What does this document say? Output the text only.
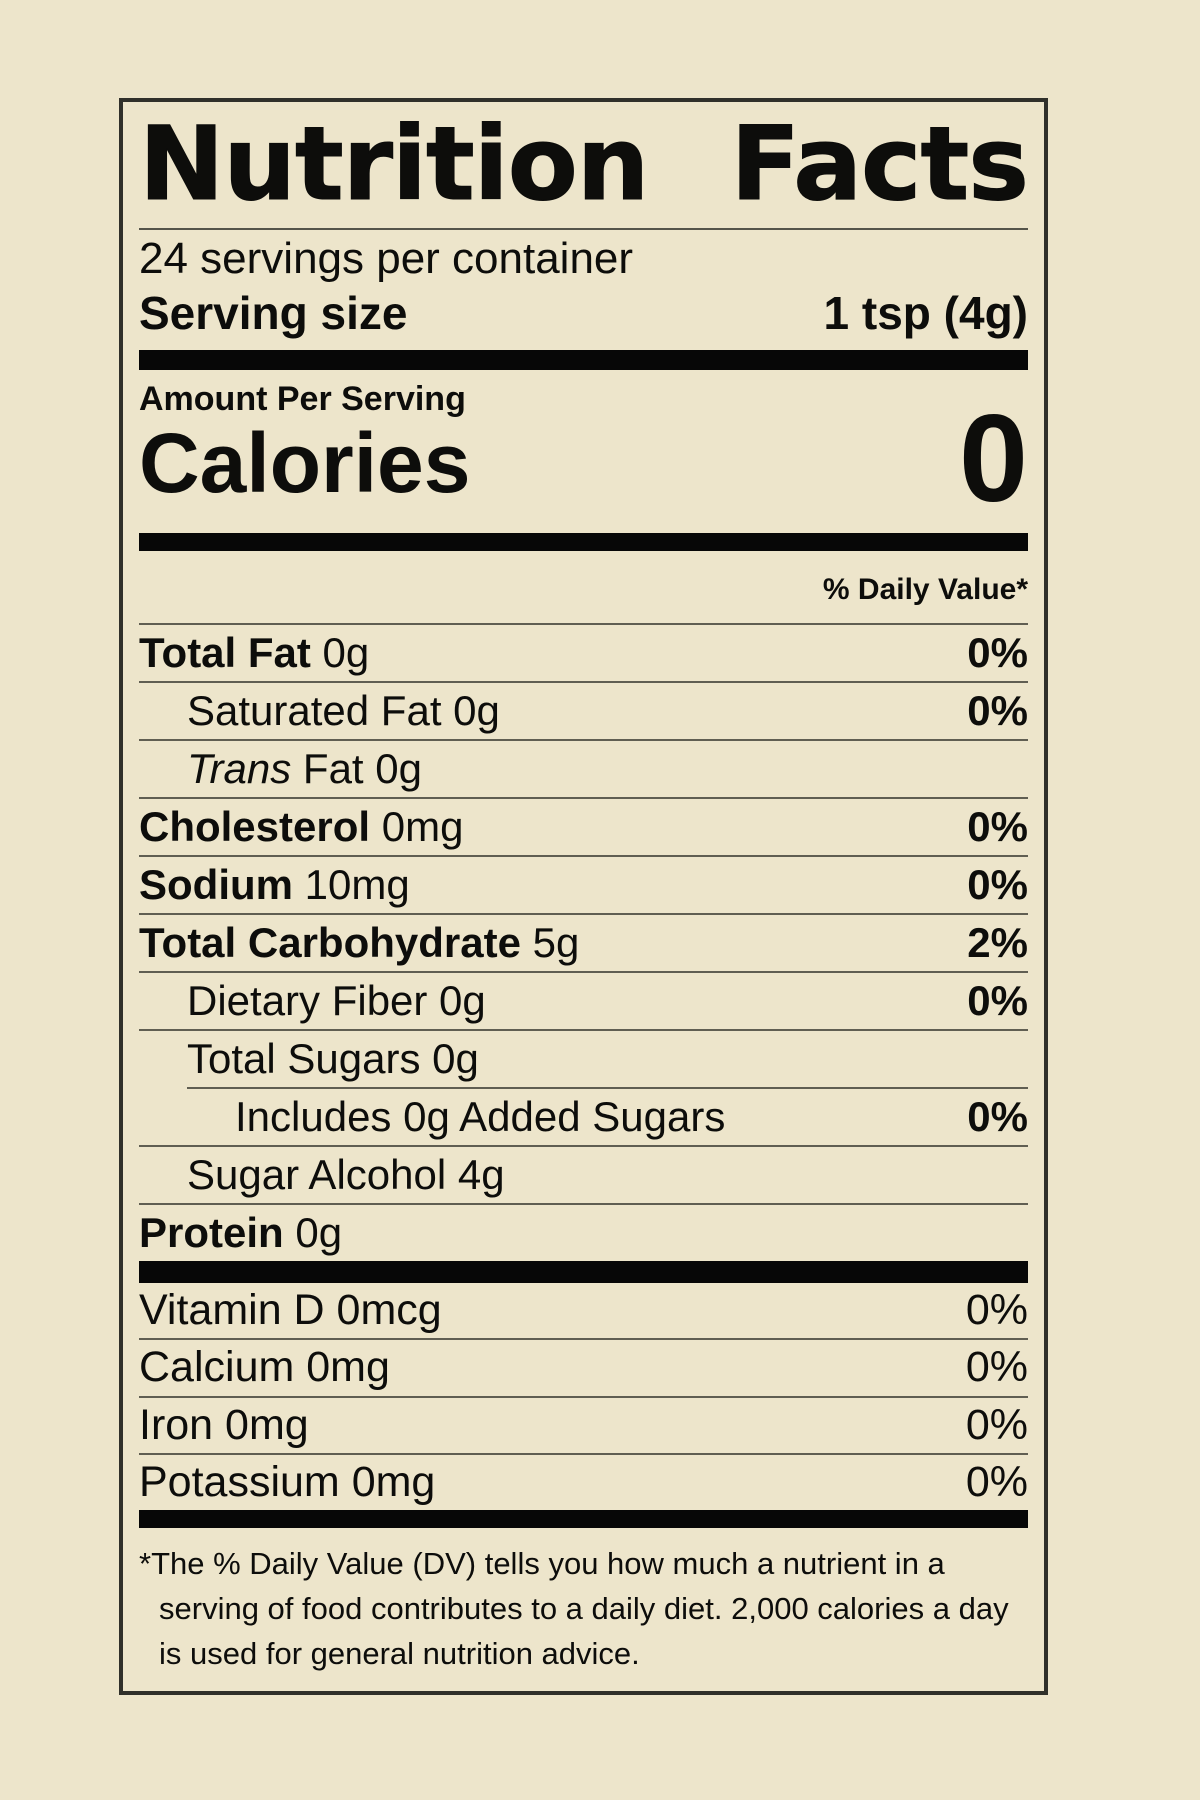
Nutrition Facts
24 servings per container
Serving size	1 tsp (4g)
Amount Per Serving
Calories	0
% Daily Value*
Total Fat 0g	0%
Saturated Fat 0g	0%
Trans Fat 0g
Cholesterol 0mg	0%
Sodium 10mg	0%
Total Carbohydrate 5g	2%
Dietary Fiber 0g	0%
Total Sugars 0g
Includes 0g Added Sugars	0%
Sugar Alcohol 4g
Protein 0g
Vitamin D 0mcg	0%
Calcium 0mg	0%
Iron 0mg	0%
Potassium 0mg	0%
*The % Daily Value (DV) tells you how much a nutrient in a serving of food contributes to a daily diet. 2,000 calories a day is used for general nutrition advice.
